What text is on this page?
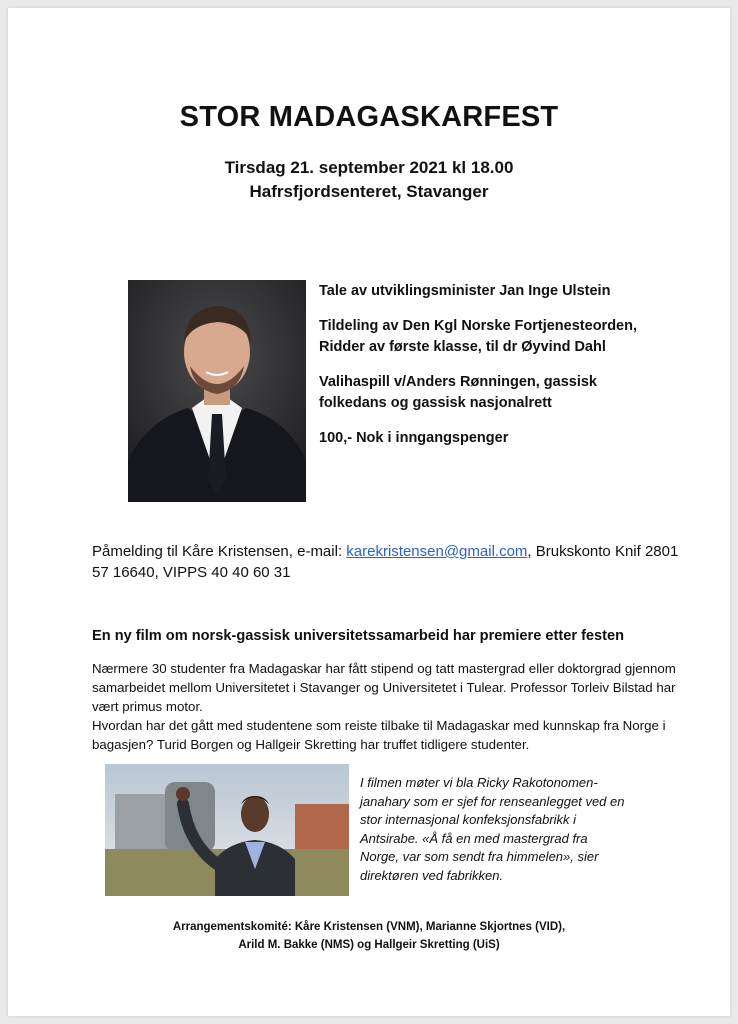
STOR MADAGASKARFEST
Tirsdag 21. september 2021 kl 18.00
Hafrsfjordsenteret, Stavanger

Tale av utviklingsminister Jan Inge Ulstein

Tildeling av Den Kgl Norske Fortjenesteorden, Ridder av første klasse, til dr Øyvind Dahl

Valihaspill v/Anders Rønningen, gassisk folkedans og gassisk nasjonalrett

100,- Nok i inngangspenger

Påmelding til Kåre Kristensen, e-mail: karekristensen@gmail.com, Brukskonto Knif 2801 57 16640, VIPPS 40 40 60 31
En ny film om norsk-gassisk universitetssamarbeid har premiere etter festen

Nærmere 30 studenter fra Madagaskar har fått stipend og tatt mastergrad eller doktorgrad gjennom samarbeidet mellom Universitetet i Stavanger og Universitetet i Tulear. Professor Torleiv Bilstad har vært primus motor.

Hvordan har det gått med studentene som reiste tilbake til Madagaskar med kunnskap fra Norge i bagasjen? Turid Borgen og Hallgeir Skretting har truffet tidligere studenter.

I filmen møter vi bla Ricky Rakotonomen-janahary som er sjef for renseanlegget ved en stor internasjonal konfeksjonsfabrikk i Antsirabe. «Å få en med mastergrad fra Norge, var som sendt fra himmelen», sier direktøren ved fabrikken.
Arrangementskomité: Kåre Kristensen (VNM), Marianne Skjortnes (VID),
Arild M. Bakke (NMS) og Hallgeir Skretting (UiS)
